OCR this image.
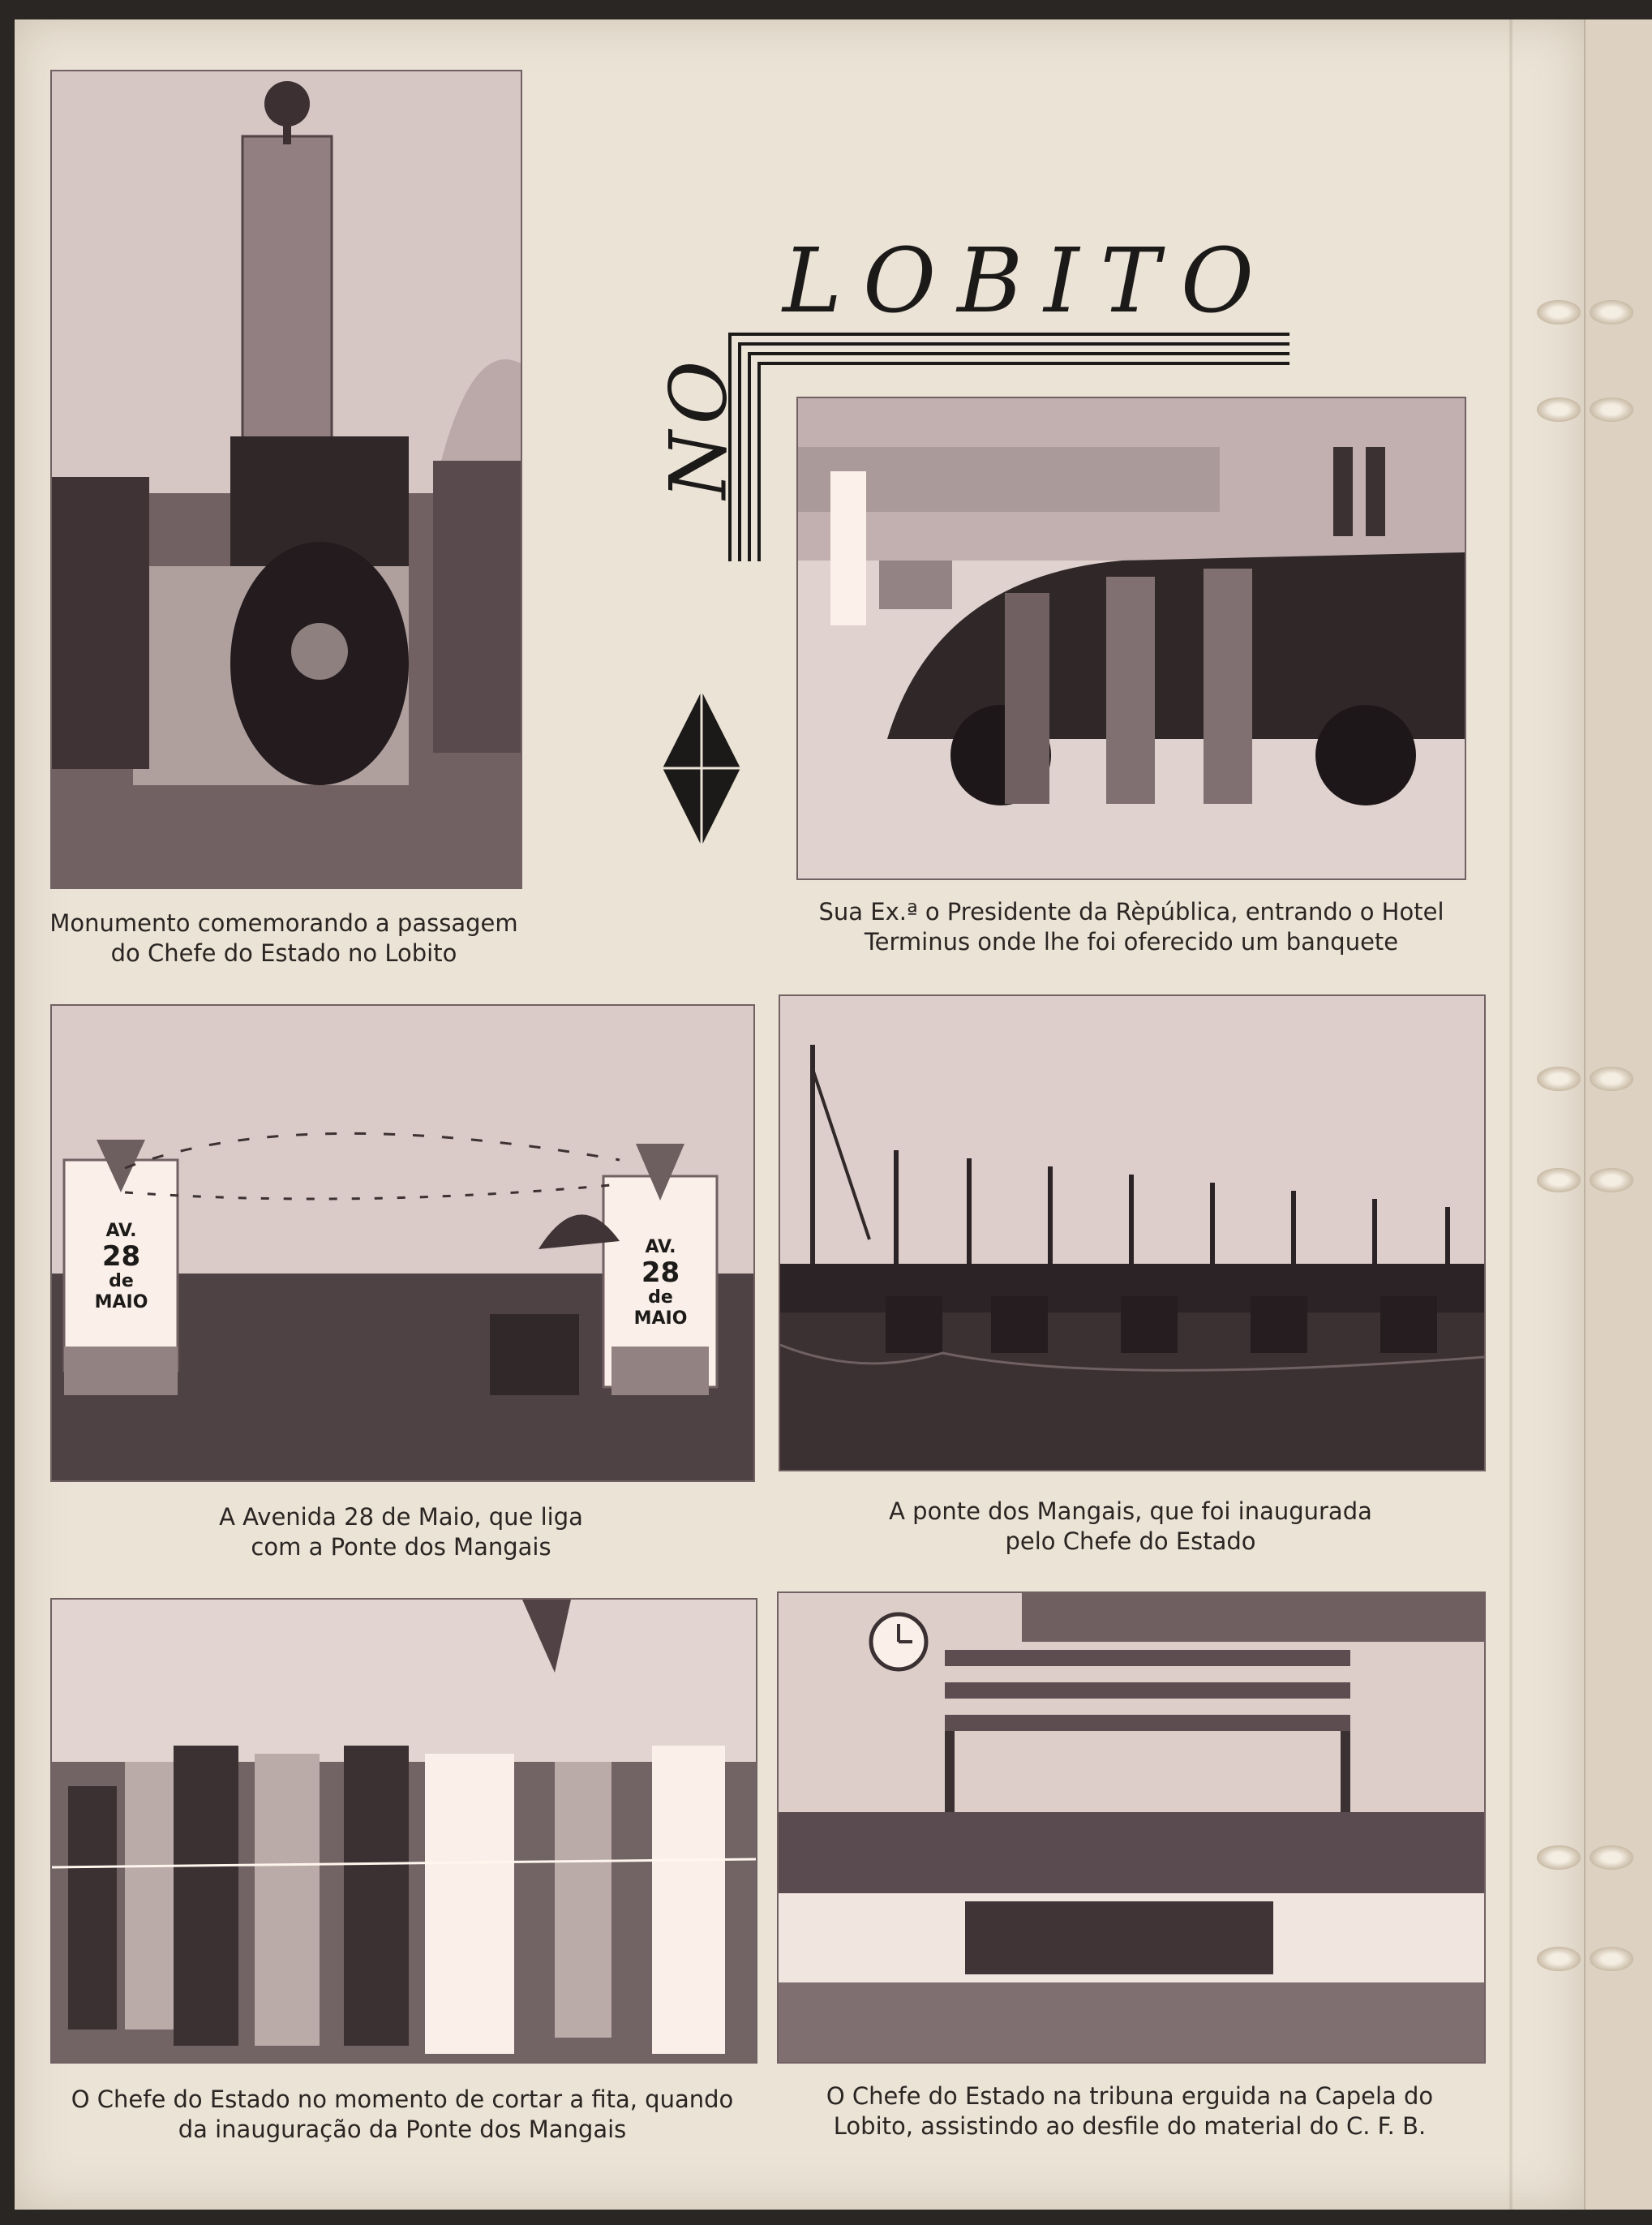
LOBITO
NO
Monumento comemorando a passagem
do Chefe do Estado no Lobito
Sua Ex.ª o Presidente da Rèpública, entrando o Hotel
Terminus onde lhe foi oferecido um banquete
AV.
28
de
MAIO
AV.
28
de
MAIO
A Avenida 28 de Maio, que liga
com a Ponte dos Mangais
A ponte dos Mangais, que foi inaugurada
pelo Chefe do Estado
O Chefe do Estado no momento de cortar a fita, quando
da inauguração da Ponte dos Mangais
O Chefe do Estado na tribuna erguida na Capela do
Lobito, assistindo ao desfile do material do C. F. B.
